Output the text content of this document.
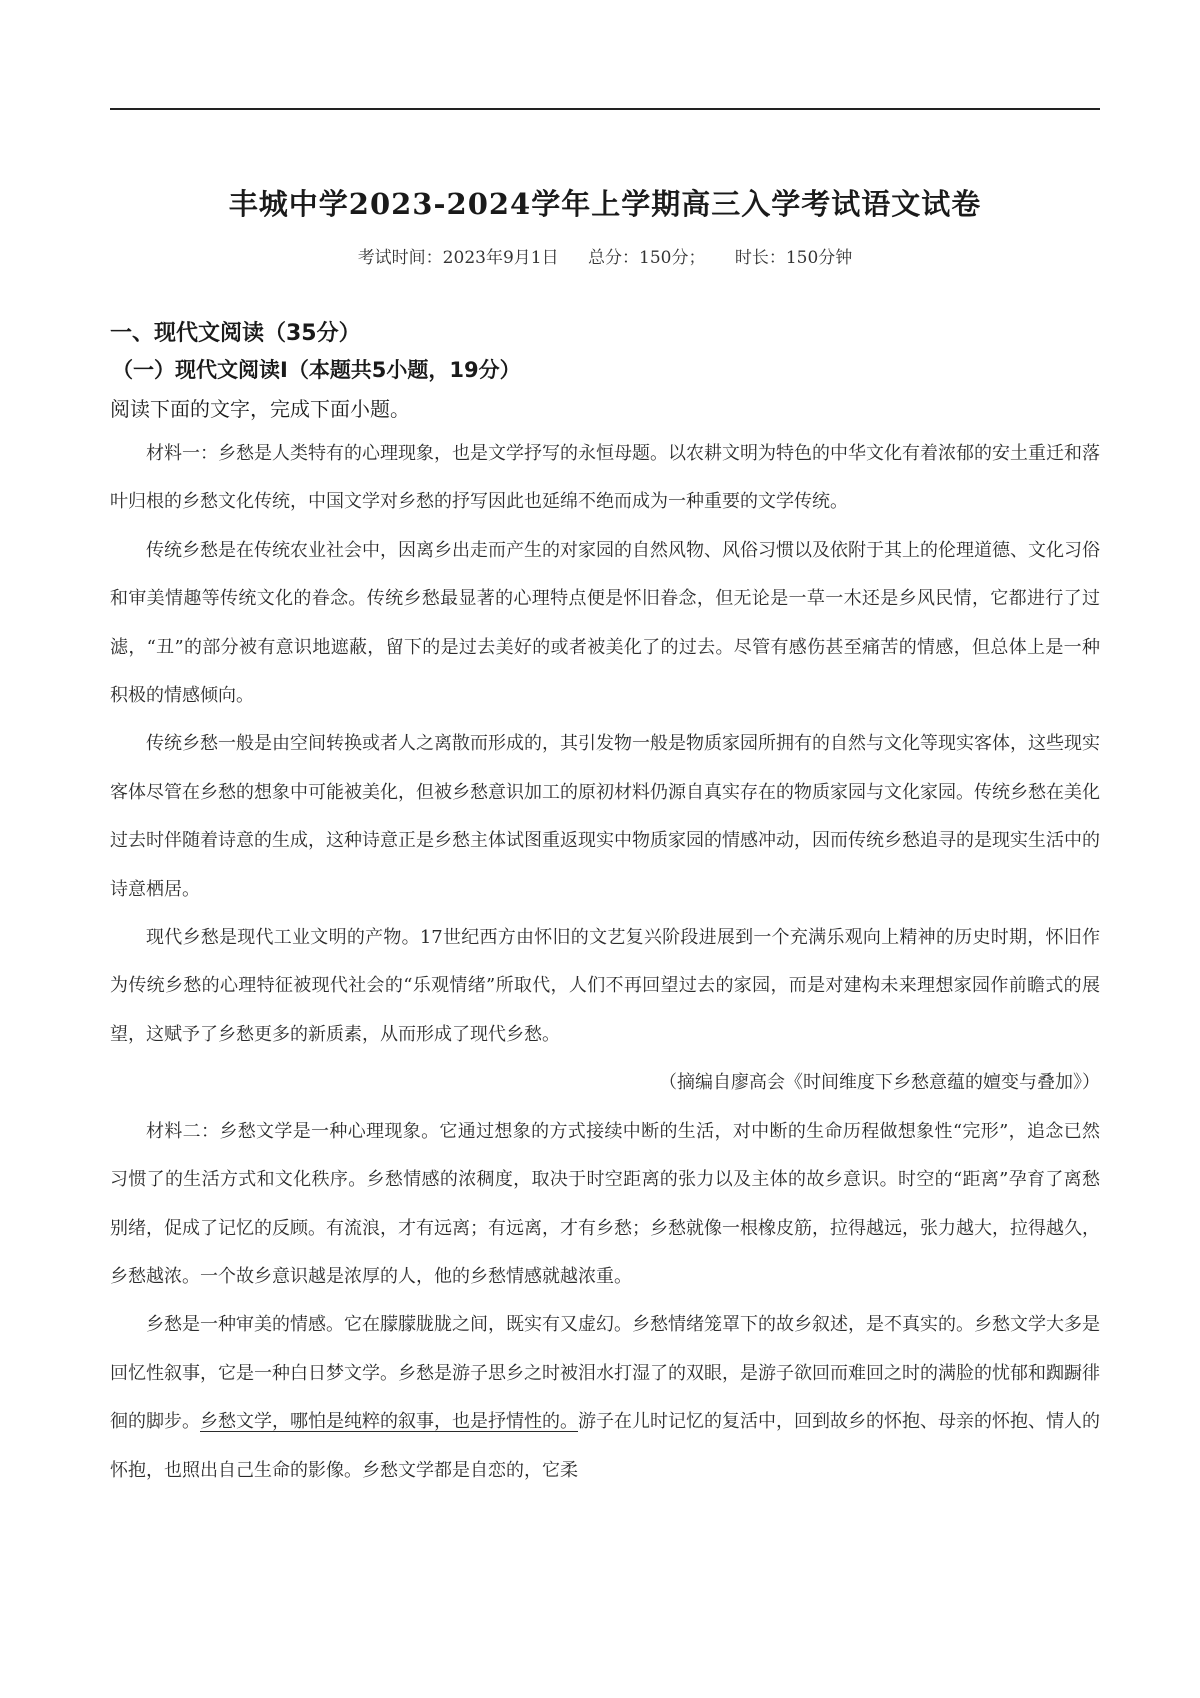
丰城中学2023-2024学年上学期高三入学考试语文试卷
考试时间：2023年9月1日 总分：150分； 时长：150分钟
一、现代文阅读（35分）
（一）现代文阅读Ⅰ（本题共5小题，19分）

阅读下面的文字，完成下面小题。

材料一：乡愁是人类特有的心理现象，也是文学抒写的永恒母题。以农耕文明为特色的中华文化有着浓郁的安土重迁和落叶归根的乡愁文化传统，中国文学对乡愁的抒写因此也延绵不绝而成为一种重要的文学传统。

传统乡愁是在传统农业社会中，因离乡出走而产生的对家园的自然风物、风俗习惯以及依附于其上的伦理道德、文化习俗和审美情趣等传统文化的眷念。传统乡愁最显著的心理特点便是怀旧眷念，但无论是一草一木还是乡风民情，它都进行了过滤，“丑”的部分被有意识地遮蔽，留下的是过去美好的或者被美化了的过去。尽管有感伤甚至痛苦的情感，但总体上是一种积极的情感倾向。

传统乡愁一般是由空间转换或者人之离散而形成的，其引发物一般是物质家园所拥有的自然与文化等现实客体，这些现实客体尽管在乡愁的想象中可能被美化，但被乡愁意识加工的原初材料仍源自真实存在的物质家园与文化家园。传统乡愁在美化过去时伴随着诗意的生成，这种诗意正是乡愁主体试图重返现实中物质家园的情感冲动，因而传统乡愁追寻的是现实生活中的诗意栖居。

现代乡愁是现代工业文明的产物。17世纪西方由怀旧的文艺复兴阶段进展到一个充满乐观向上精神的历史时期，怀旧作为传统乡愁的心理特征被现代社会的“乐观情绪”所取代，人们不再回望过去的家园，而是对建构未来理想家园作前瞻式的展望，这赋予了乡愁更多的新质素，从而形成了现代乡愁。

（摘编自廖高会《时间维度下乡愁意蕴的嬗变与叠加》）

材料二：乡愁文学是一种心理现象。它通过想象的方式接续中断的生活，对中断的生命历程做想象性“完形”，追念已然习惯了的生活方式和文化秩序。乡愁情感的浓稠度，取决于时空距离的张力以及主体的故乡意识。时空的“距离”孕育了离愁别绪，促成了记忆的反顾。有流浪，才有远离；有远离，才有乡愁；乡愁就像一根橡皮筋，拉得越远，张力越大，拉得越久，乡愁越浓。一个故乡意识越是浓厚的人，他的乡愁情感就越浓重。

乡愁是一种审美的情感。它在朦朦胧胧之间，既实有又虚幻。乡愁情绪笼罩下的故乡叙述，是不真实的。乡愁文学大多是回忆性叙事，它是一种白日梦文学。乡愁是游子思乡之时被泪水打湿了的双眼，是游子欲回而难回之时的满脸的忧郁和踟蹰徘徊的脚步。乡愁文学，哪怕是纯粹的叙事，也是抒情性的。游子在儿时记忆的复活中，回到故乡的怀抱、母亲的怀抱、情人的怀抱，也照出自己生命的影像。乡愁文学都是自恋的，它柔
